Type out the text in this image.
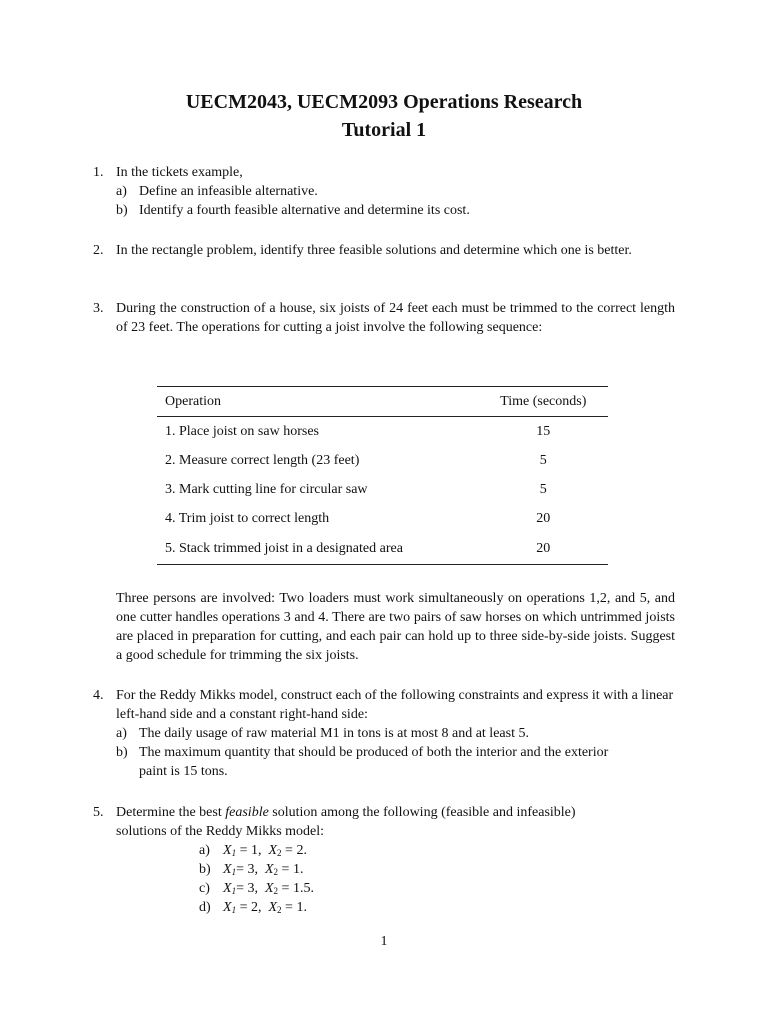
UECM2043, UECM2093 Operations Research
Tutorial 1
1. In the tickets example,
a) Define an infeasible alternative.
b) Identify a fourth feasible alternative and determine its cost.
2. In the rectangle problem, identify three feasible solutions and determine which one is better.
3. During the construction of a house, six joists of 24 feet each must be trimmed to the correct length of 23 feet. The operations for cutting a joist involve the following sequence:
Operation	Time (seconds)
1. Place joist on saw horses	15
2. Measure correct length (23 feet)	5
3. Mark cutting line for circular saw	5
4. Trim joist to correct length	20
5. Stack trimmed joist in a designated area	20
Three persons are involved: Two loaders must work simultaneously on operations 1,2, and 5, and one cutter handles operations 3 and 4. There are two pairs of saw horses on which untrimmed joists are placed in preparation for cutting, and each pair can hold up to three side-by-side joists. Suggest a good schedule for trimming the six joists.
4. For the Reddy Mikks model, construct each of the following constraints and express it with a linear left-hand side and a constant right-hand side:
a) The daily usage of raw material M1 in tons is at most 8 and at least 5.
b) The maximum quantity that should be produced of both the interior and the exterior paint is 15 tons.
5. Determine the best feasible solution among the following (feasible and infeasible) solutions of the Reddy Mikks model:
a) $X_1 = 1$,  $X_2 = 2$.
b) $X_1= 3$,  $X_2 = 1$.
c) $X_1= 3$,  $X_2 = 1.5$.
d) $X_1 = 2$,  $X_2 = 1$.
1
